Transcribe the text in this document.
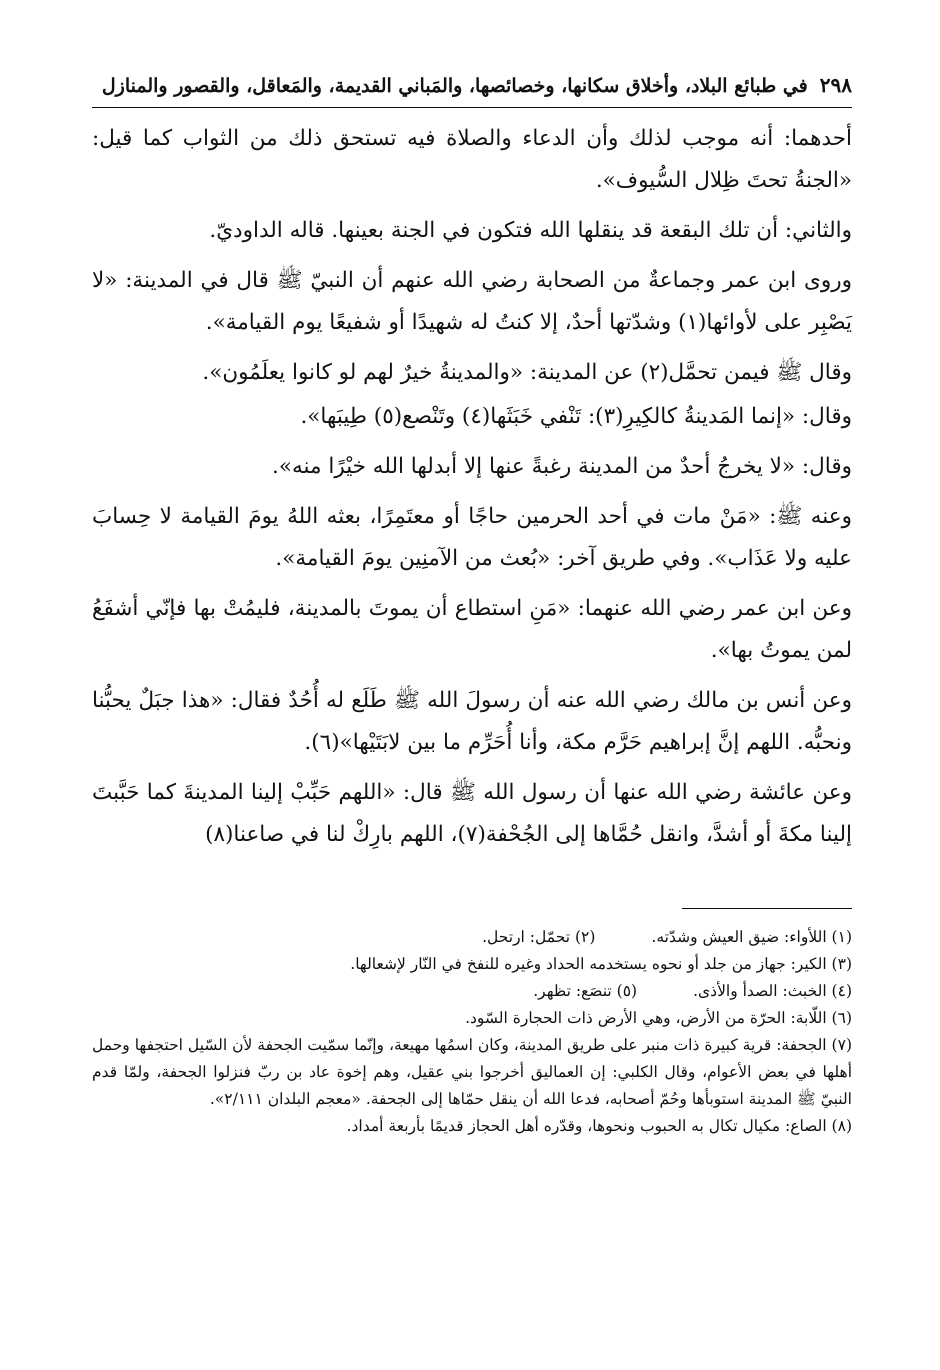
٢٩٨
في طبائع البلاد، وأخلاق سكانها، وخصائصها، والمَباني القديمة، والمَعاقل، والقصور والمنازل

أحدهما: أنه موجب لذلك وأن الدعاء والصلاة فيه تستحق ذلك من الثواب كما قيل: «الجنةُ تحتَ ظِلال السُّيوف».

والثاني: أن تلك البقعة قد ينقلها الله فتكون في الجنة بعينها. قاله الداوديّ.

وروى ابن عمر وجماعةٌ من الصحابة رضي الله عنهم أن النبيّ ﷺ قال في المدينة: «لا يَصْبِر على لأوائها(١) وشدّتها أحدٌ، إلا كنتُ له شهيدًا أو شفيعًا يوم القيامة».

وقال ﷺ فيمن تحمَّل(٢) عن المدينة: «والمدينةُ خيرٌ لهم لو كانوا يعلَمُون».

وقال: «إنما المَدينةُ كالكِيرِ(٣): تَنْفي خَبَثَها(٤) وتَنْصع(٥) طِيبَها».

وقال: «لا يخرجُ أحدٌ من المدينة رغبةً عنها إلا أبدلها الله خيْرًا منه».

وعنه ﷺ: «مَنْ مات في أحد الحرمين حاجًا أو معتَمِرًا، بعثه اللهُ يومَ القيامة لا حِسابَ عليه ولا عَذَاب». وفي طريق آخر: «بُعث من الآمنِين يومَ القيامة».

وعن ابن عمر رضي الله عنهما: «مَنِ استطاع أن يموتَ بالمدينة، فليمُتْ بها فإنّي أشفَعُ لمن يموتُ بها».

وعن أنس بن مالك رضي الله عنه أن رسولَ الله ﷺ طَلَع له أُحُدٌ فقال: «هذا جبَلٌ يحبُّنا ونحبُّه. اللهم إنَّ إبراهيم حَرَّم مكة، وأنا أُحَرِّم ما بين لابَتَيْها»(٦).

وعن عائشة رضي الله عنها أن رسول الله ﷺ قال: «اللهم حَبِّبْ إلينا المدينةَ كما حَبَّبتَ إلينا مكةَ أو أشدَّ، وانقل حُمَّاها إلى الجُحْفة(٧)، اللهم بارِكْ لنا في صاعنا(٨)

(١) اللأواء: ضيق العيش وشدّته.
(٢) تحمّل: ارتحل.
(٣) الكير: جهاز من جلد أو نحوه يستخدمه الحداد وغيره للنفخ في النّار لإشعالها.
(٤) الخبث: الصدأ والأذى.
(٥) تنصَع: تظهر.
(٦) اللّابة: الحرّة من الأرض، وهي الأرض ذات الحجارة السّود.
(٧) الجحفة: قرية كبيرة ذات منبر على طريق المدينة، وكان اسمُها مهيعة، وإنّما سمّيت الجحفة لأن السّيل احتجفها وحمل أهلها في بعض الأعوام، وقال الكلبي: إن العماليق أخرجوا بني عقيل، وهم إخوة عاد بن ربّ فنزلوا الجحفة، ولمّا قدم النبيّ ﷺ المدينة استوبأها وحُمّ أصحابه، فدعا الله أن ينقل حمّاها إلى الجحفة. «معجم البلدان ٢/١١١».
(٨) الصاع: مكيال تكال به الحبوب ونحوها، وقدّره أهل الحجاز قديمًا بأربعة أمداد.
